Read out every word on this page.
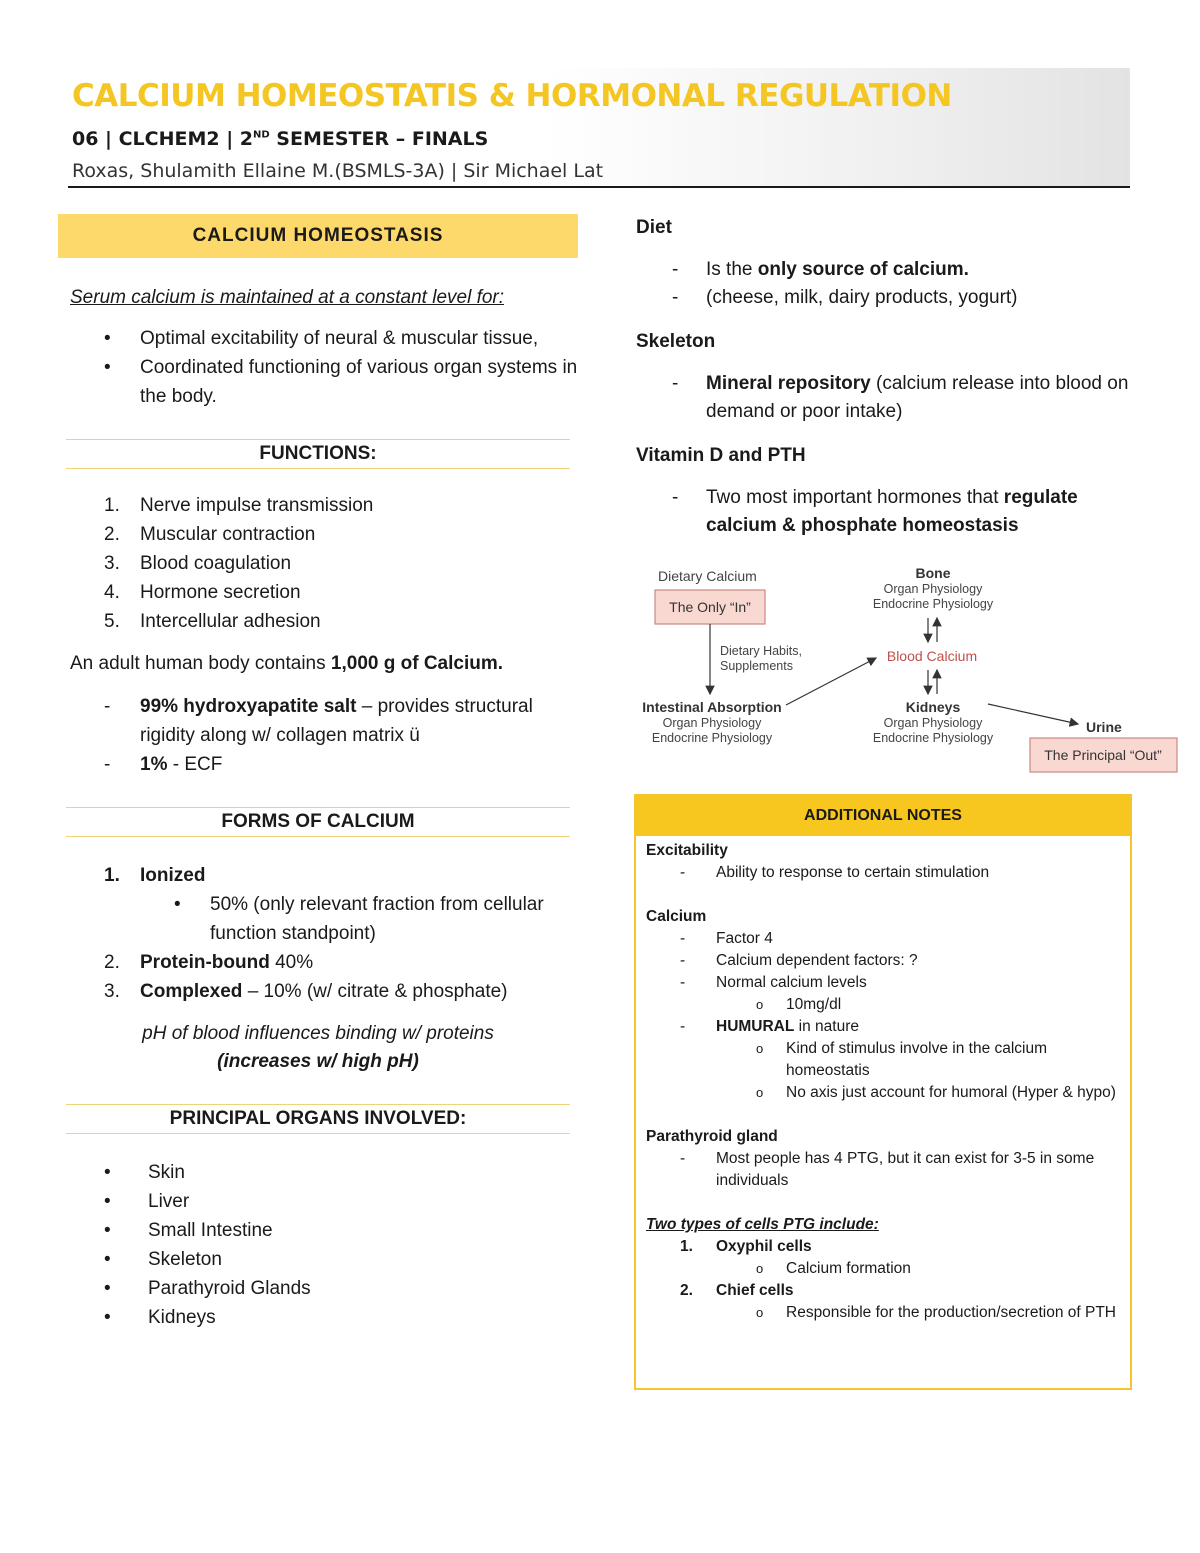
CALCIUM HOMEOSTATIS & HORMONAL REGULATION
06 | CLCHEM2 | 2ND SEMESTER – FINALS
Roxas, Shulamith Ellaine M.(BSMLS-3A) | Sir Michael Lat
CALCIUM HOMEOSTASIS

Serum calcium is maintained at a constant level for:

• Optimal excitability of neural & muscular tissue,
• Coordinated functioning of various organ systems in the body.
FUNCTIONS:
1. Nerve impulse transmission
2. Muscular contraction
3. Blood coagulation
4. Hormone secretion
5. Intercellular adhesion

An adult human body contains 1,000 g of Calcium.

- 99% hydroxyapatite salt – provides structural rigidity along w/ collagen matrix ü
- 1% - ECF
FORMS OF CALCIUM
1. Ionized
• 50% (only relevant fraction from cellular function standpoint)
2. Protein-bound 40%
3. Complexed – 10% (w/ citrate & phosphate)
pH of blood influences binding w/ proteins
(increases w/ high pH)
PRINCIPAL ORGANS INVOLVED:
• Skin
• Liver
• Small Intestine
• Skeleton
• Parathyroid Glands
• Kidneys

Diet

- Is the only source of calcium.
- (cheese, milk, dairy products, yogurt)

Skeleton

- Mineral repository (calcium release into blood on demand or poor intake)

Vitamin D and PTH

- Two most important hormones that regulate calcium & phosphate homeostasis
Dietary Calcium
The Only “In”
Dietary Habits,
Supplements
Intestinal Absorption
Organ Physiology
Endocrine Physiology
Bone
Organ Physiology
Endocrine Physiology
Blood Calcium
Kidneys
Organ Physiology
Endocrine Physiology
Urine
The Principal “Out”
ADDITIONAL NOTES

Excitability

- Ability to response to certain stimulation

Calcium

- Factor 4
- Calcium dependent factors: ?
- Normal calcium levels
o 10mg/dl
- HUMURAL in nature
o Kind of stimulus involve in the calcium homeostatis
o No axis just account for humoral (Hyper & hypo)

Parathyroid gland

- Most people has 4 PTG, but it can exist for 3-5 in some individuals

Two types of cells PTG include:

1. Oxyphil cells
o Calcium formation
2. Chief cells
o Responsible for the production/secretion of PTH
